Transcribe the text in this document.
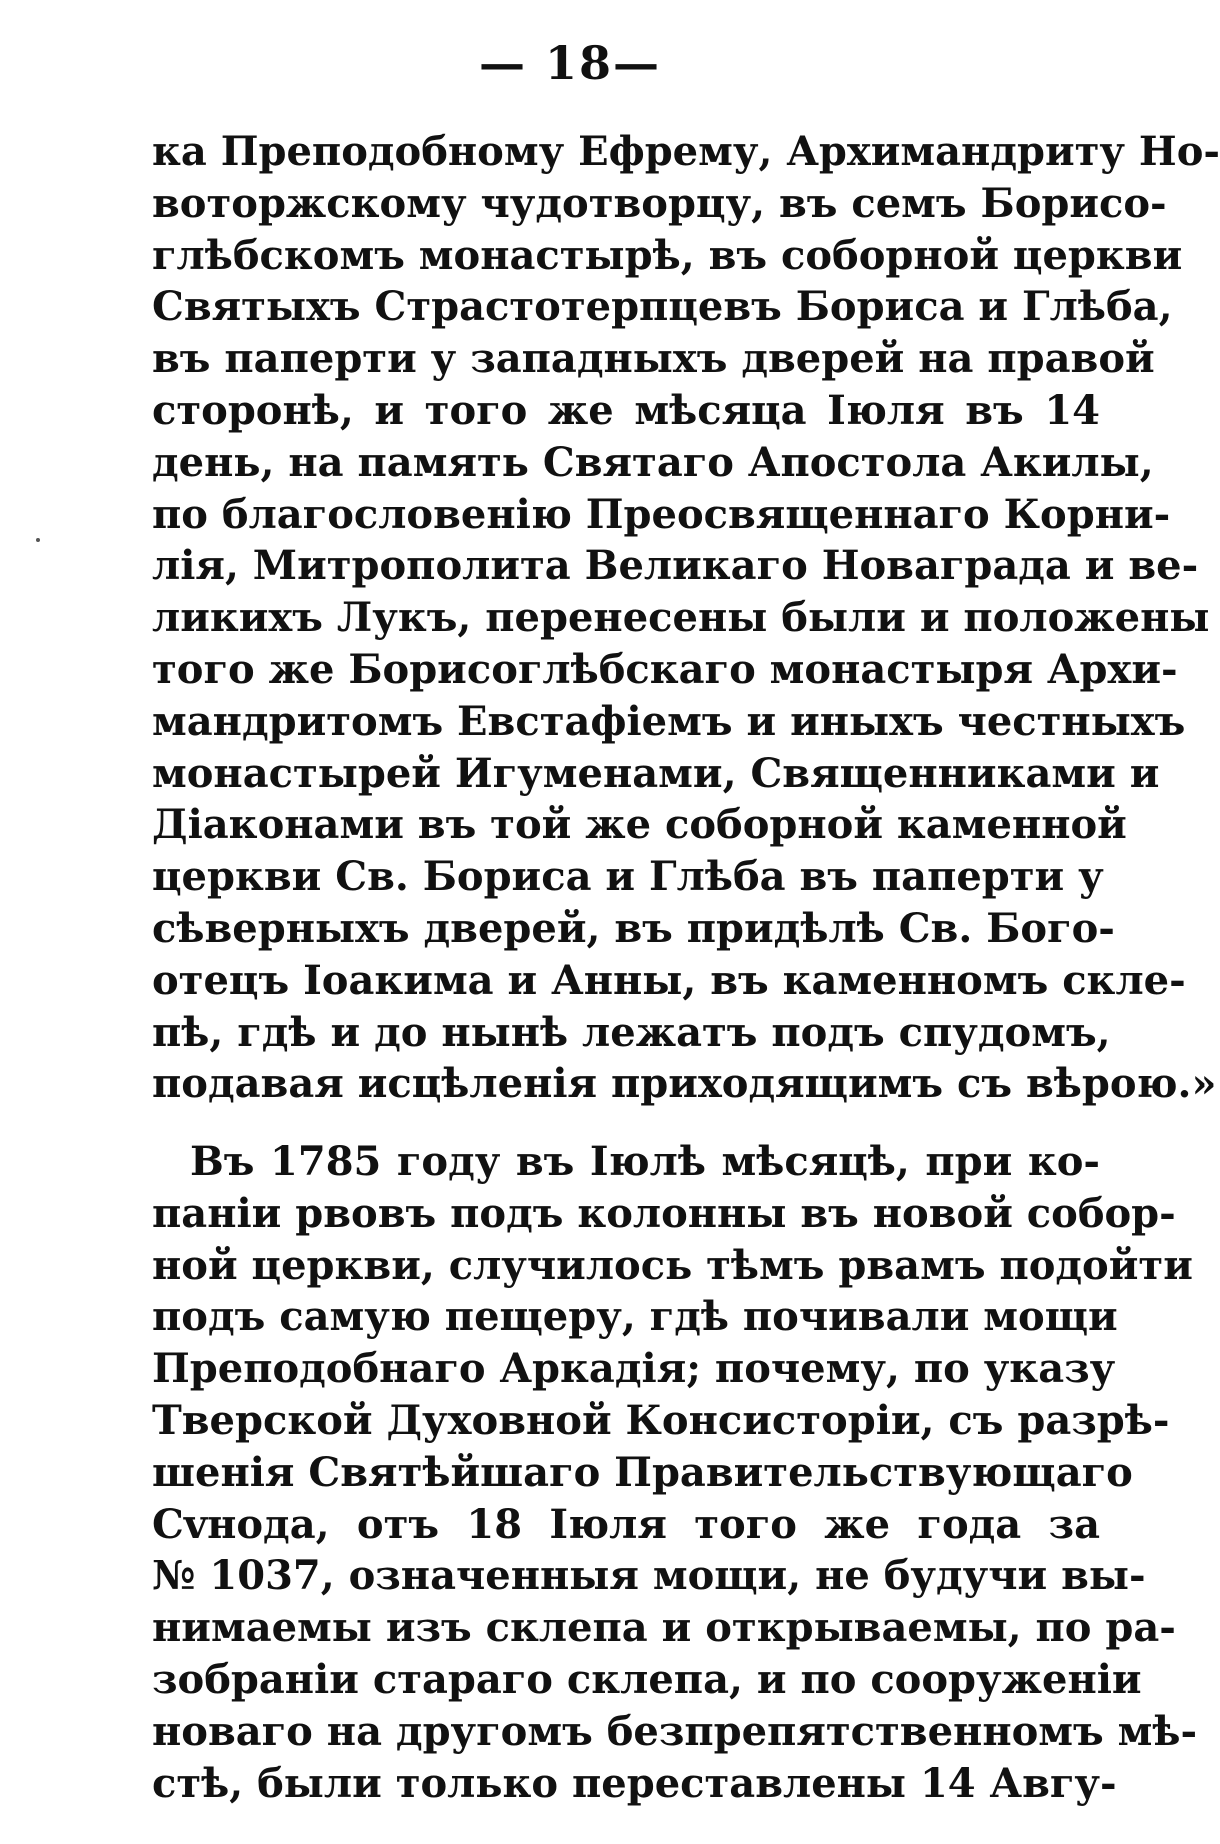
— 18—
ка Преподобному Ефрему, Архимандриту Но-
воторжскому чудотворцу, въ семъ Борисо-
глѣбскомъ монастырѣ, въ соборной церкви
Святыхъ Страстотерпцевъ Бориса и Глѣба,
въ паперти у западныхъ дверей на правой
сторонѣ, и того же мѣсяца Іюля въ 14
день, на память Святаго Апостола Акилы,
по благословенію Преосвященнаго Корни-
лія, Митрополита Великаго Новаграда и ве-
ликихъ Лукъ, перенесены были и положены
того же Борисоглѣбскаго монастыря Архи-
мандритомъ Евстафіемъ и иныхъ честныхъ
монастырей Игуменами, Священниками и
Діаконами въ той же соборной каменной
церкви Св. Бориса и Глѣба въ паперти у
сѣверныхъ дверей, въ придѣлѣ Св. Бого-
отецъ Іоакима и Анны, въ каменномъ скле-
пѣ, гдѣ и до нынѣ лежатъ подъ спудомъ,
подавая исцѣленія приходящимъ съ вѣрою.»
Въ 1785 году въ Іюлѣ мѣсяцѣ, при ко-
паніи рвовъ подъ колонны въ новой собор-
ной церкви, случилось тѣмъ рвамъ подойти
подъ самую пещеру, гдѣ почивали мощи
Преподобнаго Аркадія; почему, по указу
Тверской Духовной Консисторіи, съ разрѣ-
шенія Святѣйшаго Правительствующаго
Сvнода, отъ 18 Іюля того же года за
№ 1037, означенныя мощи, не будучи вы-
нимаемы изъ склепа и открываемы, по ра-
зобраніи стараго склепа, и по сооруженіи
новаго на другомъ безпрепятственномъ мѣ-
стѣ, были только переставлены 14 Авгу-
